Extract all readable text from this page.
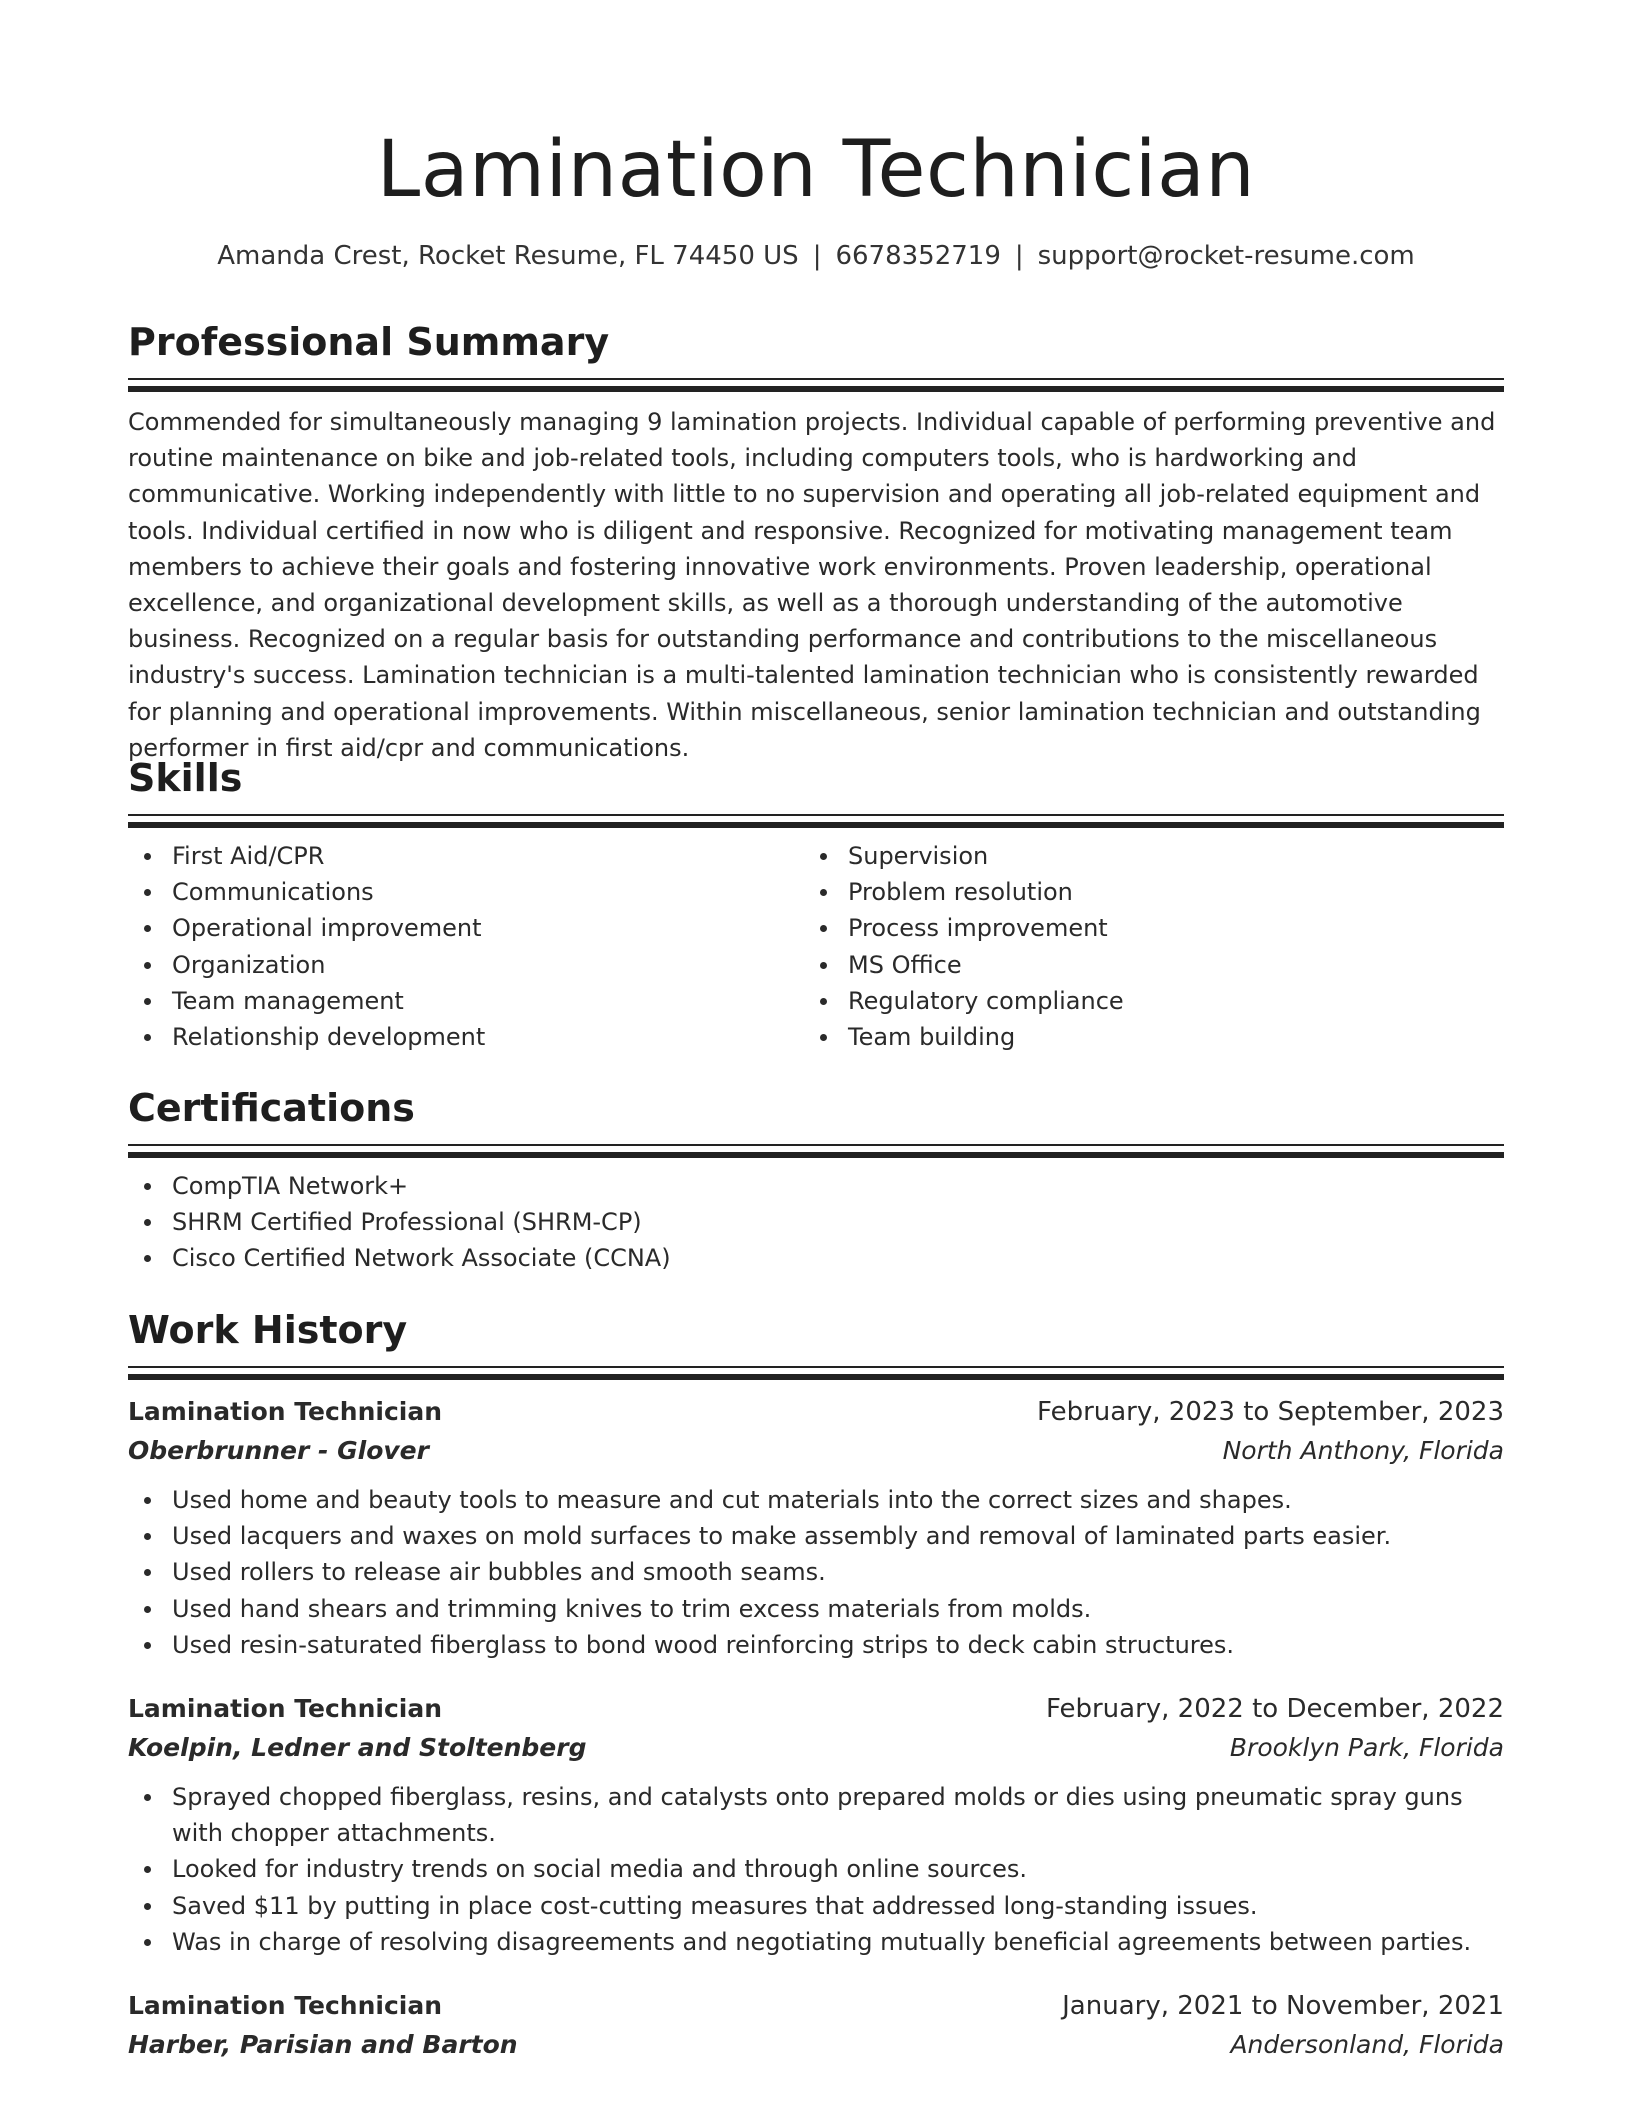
Lamination Technician
Amanda Crest, Rocket Resume, FL 74450 US | 6678352719 | support@rocket-resume.com
Professional Summary

Commended for simultaneously managing 9 lamination projects. Individual capable of performing preventive and routine maintenance on bike and job-related tools, including computers tools, who is hardworking and communicative. Working independently with little to no supervision and operating all job-related equipment and tools. Individual certified in now who is diligent and responsive. Recognized for motivating management team members to achieve their goals and fostering innovative work environments. Proven leadership, operational excellence, and organizational development skills, as well as a thorough understanding of the automotive business. Recognized on a regular basis for outstanding performance and contributions to the miscellaneous industry's success. Lamination technician is a multi-talented lamination technician who is consistently rewarded for planning and operational improvements. Within miscellaneous, senior lamination technician and outstanding performer in first aid/cpr and communications.

Skills
First Aid/CPR
Communications
Operational improvement
Organization
Team management
Relationship development
Supervision
Problem resolution
Process improvement
MS Office
Regulatory compliance
Team building
Certifications
CompTIA Network+
SHRM Certified Professional (SHRM-CP)
Cisco Certified Network Associate (CCNA)
Work History
Lamination Technician	February, 2023 to September, 2023
Oberbrunner - Glover	North Anthony, Florida
Used home and beauty tools to measure and cut materials into the correct sizes and shapes.
Used lacquers and waxes on mold surfaces to make assembly and removal of laminated parts easier.
Used rollers to release air bubbles and smooth seams.
Used hand shears and trimming knives to trim excess materials from molds.
Used resin-saturated fiberglass to bond wood reinforcing strips to deck cabin structures.
Lamination Technician	February, 2022 to December, 2022
Koelpin, Ledner and Stoltenberg	Brooklyn Park, Florida
Sprayed chopped fiberglass, resins, and catalysts onto prepared molds or dies using pneumatic spray guns with chopper attachments.
Looked for industry trends on social media and through online sources.
Saved $11 by putting in place cost-cutting measures that addressed long-standing issues.
Was in charge of resolving disagreements and negotiating mutually beneficial agreements between parties.
Lamination Technician	January, 2021 to November, 2021
Harber, Parisian and Barton	Andersonland, Florida
